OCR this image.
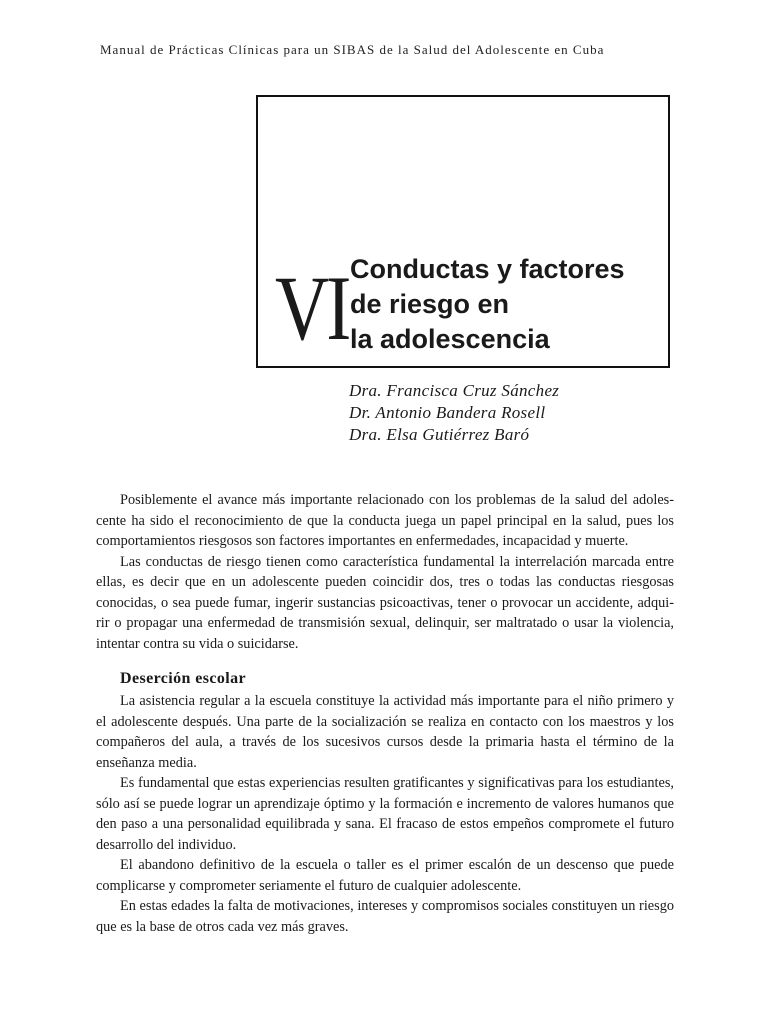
Manual de Prácticas Clínicas para un SIBAS de la Salud del Adolescente en Cuba
VI Conductas y factores
de riesgo en
la adolescencia
Dra. Francisca Cruz Sánchez
Dr. Antonio Bandera Rosell
Dra. Elsa Gutiérrez Baró

Posiblemente el avance más importante relacionado con los problemas de la salud del adoles- cente ha sido el reconocimiento de que la conducta juega un papel principal en la salud, pues los comportamientos riesgosos son factores importantes en enfermedades, incapacidad y muerte.

Las conductas de riesgo tienen como característica fundamental la interrelación marcada entre ellas, es decir que en un adolescente pueden coincidir dos, tres o todas las conductas riesgosas conocidas, o sea puede fumar, ingerir sustancias psicoactivas, tener o provocar un accidente, adqui- rir o propagar una enfermedad de transmisión sexual, delinquir, ser maltratado o usar la violencia, intentar contra su vida o suicidarse.

Deserción escolar

La asistencia regular a la escuela constituye la actividad más importante para el niño primero y el adolescente después. Una parte de la socialización se realiza en contacto con los maestros y los compañeros del aula, a través de los sucesivos cursos desde la primaria hasta el término de la enseñanza media.

Es fundamental que estas experiencias resulten gratificantes y significativas para los estudiantes, sólo así se puede lograr un aprendizaje óptimo y la formación e incremento de valores humanos que den paso a una personalidad equilibrada y sana. El fracaso de estos empeños compromete el futuro desarrollo del individuo.

El abandono definitivo de la escuela o taller es el primer escalón de un descenso que puede complicarse y comprometer seriamente el futuro de cualquier adolescente.

En estas edades la falta de motivaciones, intereses y compromisos sociales constituyen un riesgo que es la base de otros cada vez más graves.
